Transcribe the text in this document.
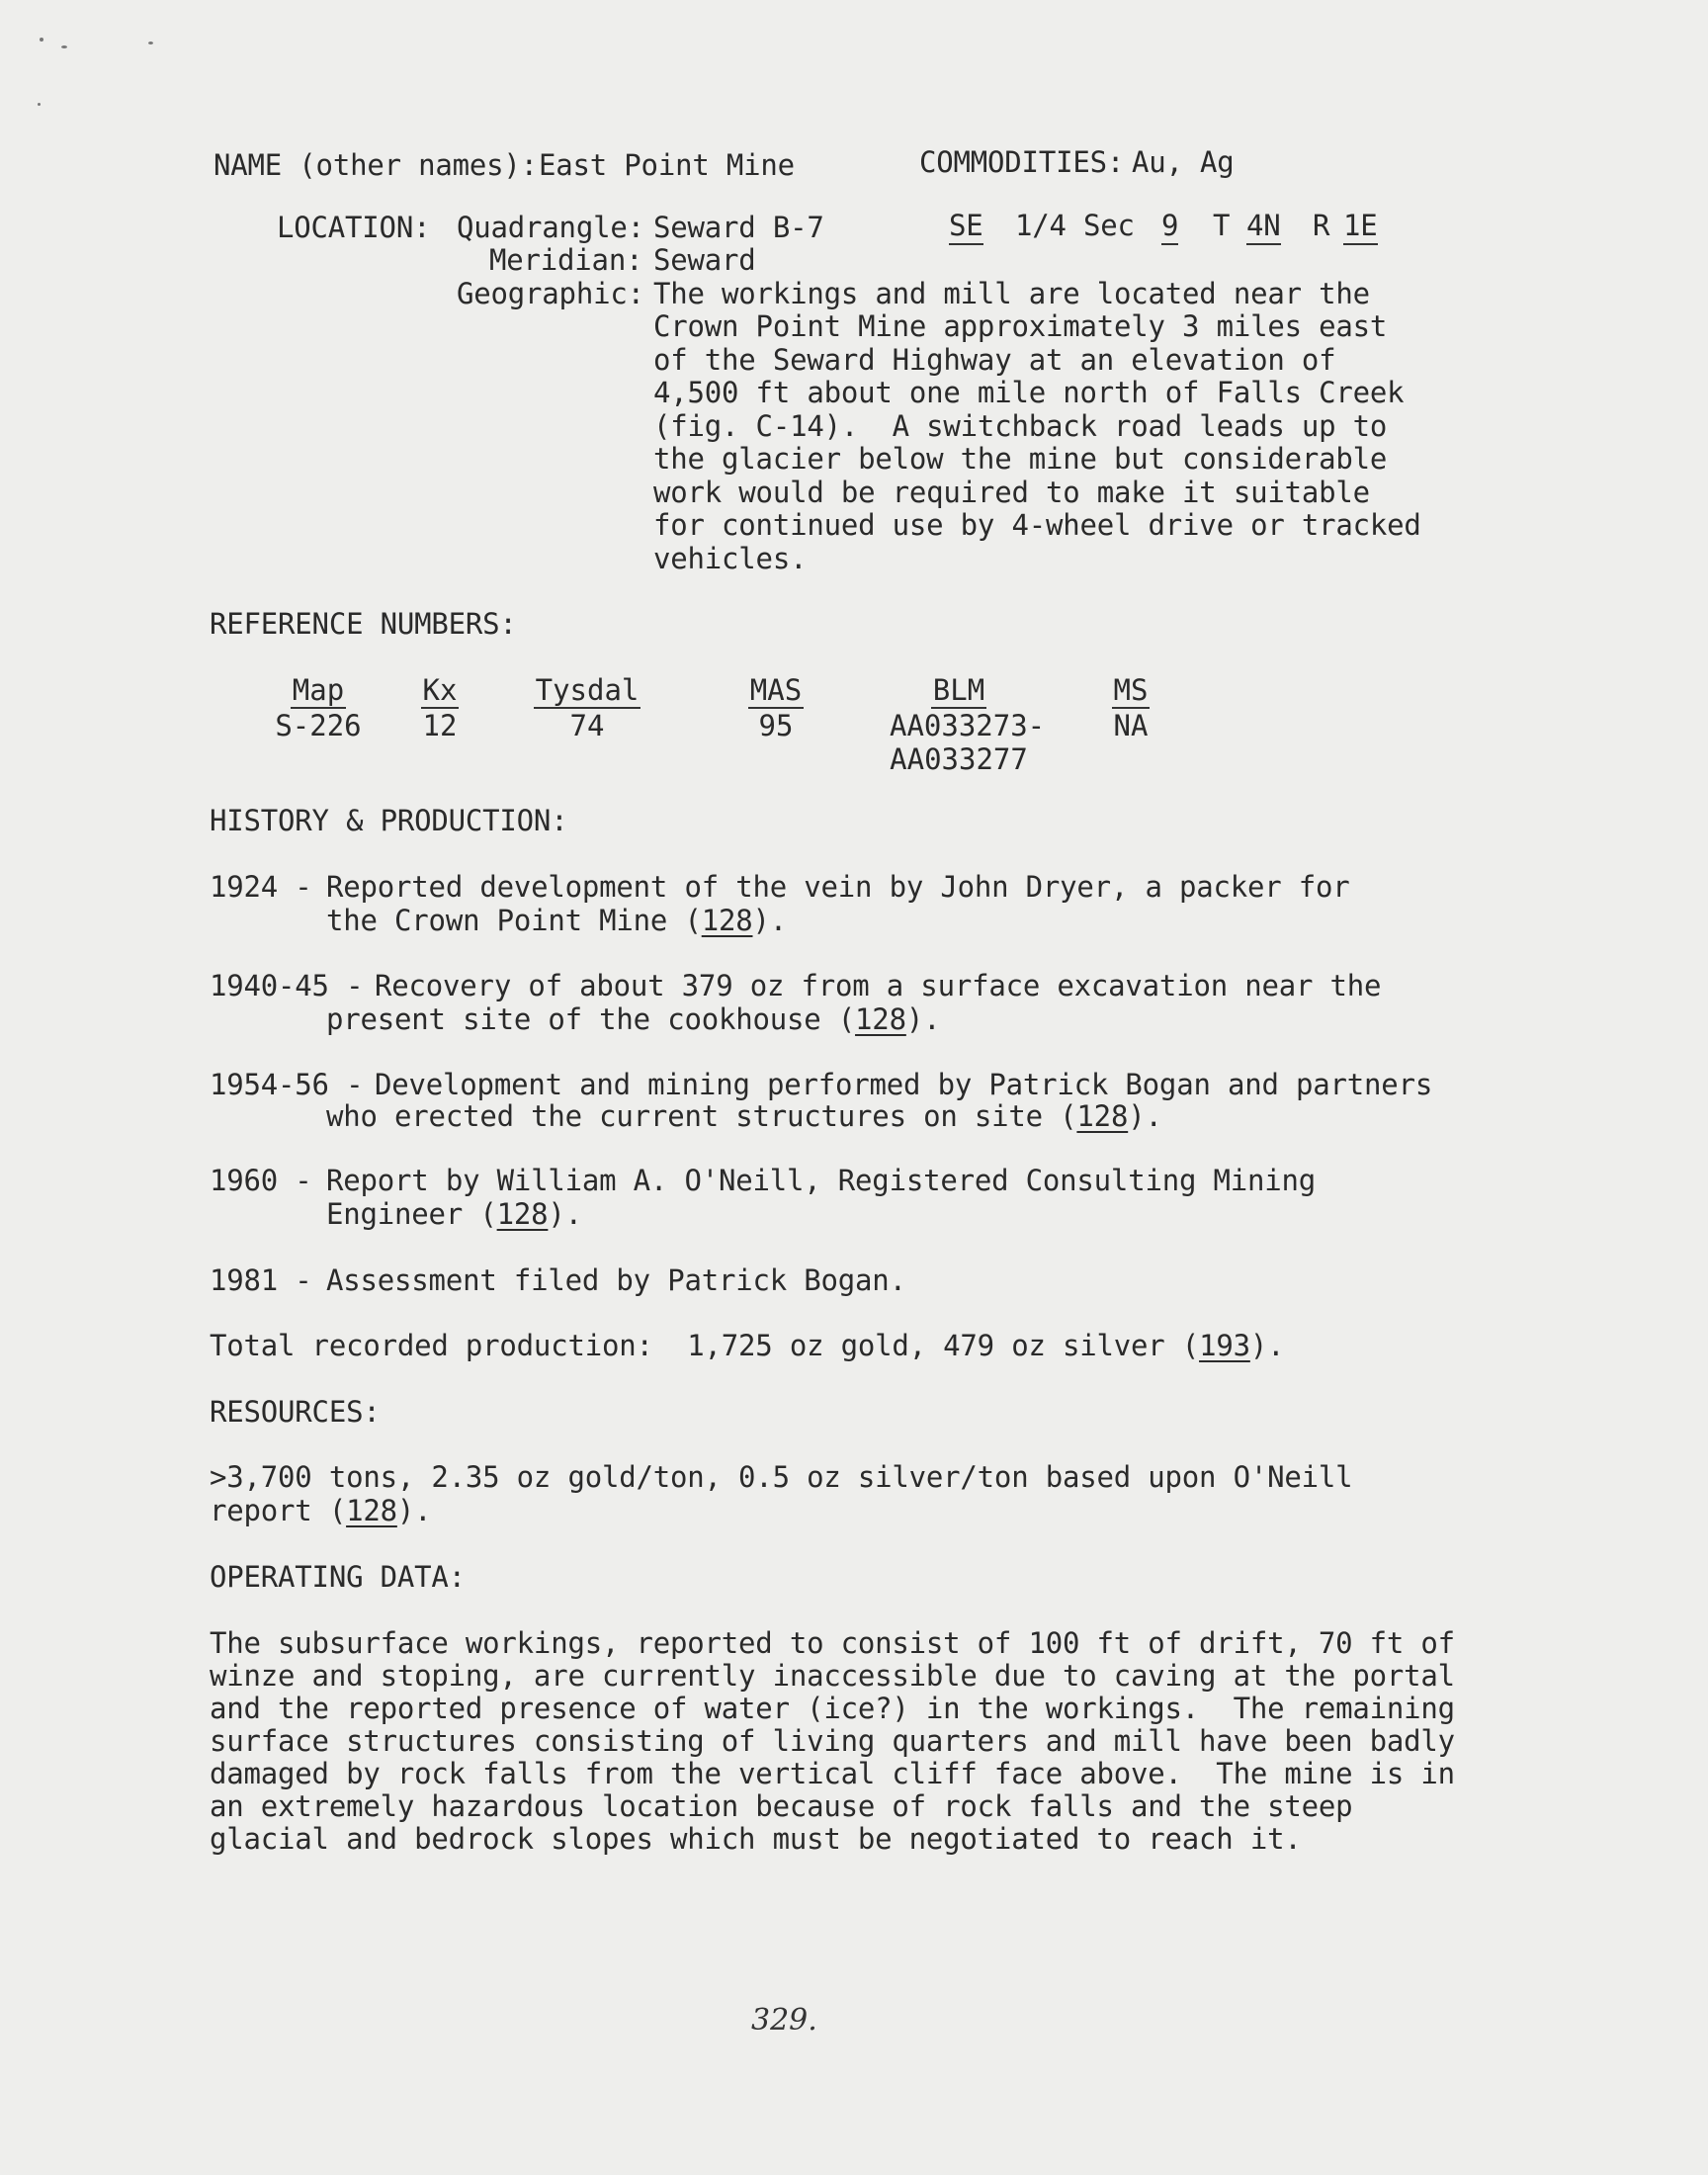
NAME (other names): East Point Mine	COMMODITIES: Au, Ag
LOCATION: Quadrangle: Seward B-7	SE 1/4 Sec 9 T 4N R 1E
Meridian: Seward
Geographic: The workings and mill are located near the
Crown Point Mine approximately 3 miles east
of the Seward Highway at an elevation of
4,500 ft about one mile north of Falls Creek
(fig. C-14).  A switchback road leads up to
the glacier below the mine but considerable
work would be required to make it suitable
for continued use by 4-wheel drive or tracked
vehicles.
REFERENCE NUMBERS:
Map
S-226
Kx
12
Tysdal
74
MAS
95
BLM
AA033273-
AA033277
MS
NA
HISTORY & PRODUCTION:
1924 - Reported development of the vein by John Dryer, a packer for
the Crown Point Mine (128).
1940-45 - Recovery of about 379 oz from a surface excavation near the
present site of the cookhouse (128).
1954-56 - Development and mining performed by Patrick Bogan and partners
who erected the current structures on site (128).
1960 - Report by William A. O'Neill, Registered Consulting Mining
Engineer (128).
1981 - Assessment filed by Patrick Bogan.
Total recorded production:  1,725 oz gold, 479 oz silver (193).
RESOURCES:
>3,700 tons, 2.35 oz gold/ton, 0.5 oz silver/ton based upon O'Neill
report (128).
OPERATING DATA:
The subsurface workings, reported to consist of 100 ft of drift, 70 ft of
winze and stoping, are currently inaccessible due to caving at the portal
and the reported presence of water (ice?) in the workings.  The remaining
surface structures consisting of living quarters and mill have been badly
damaged by rock falls from the vertical cliff face above.  The mine is in
an extremely hazardous location because of rock falls and the steep
glacial and bedrock slopes which must be negotiated to reach it.
329.
